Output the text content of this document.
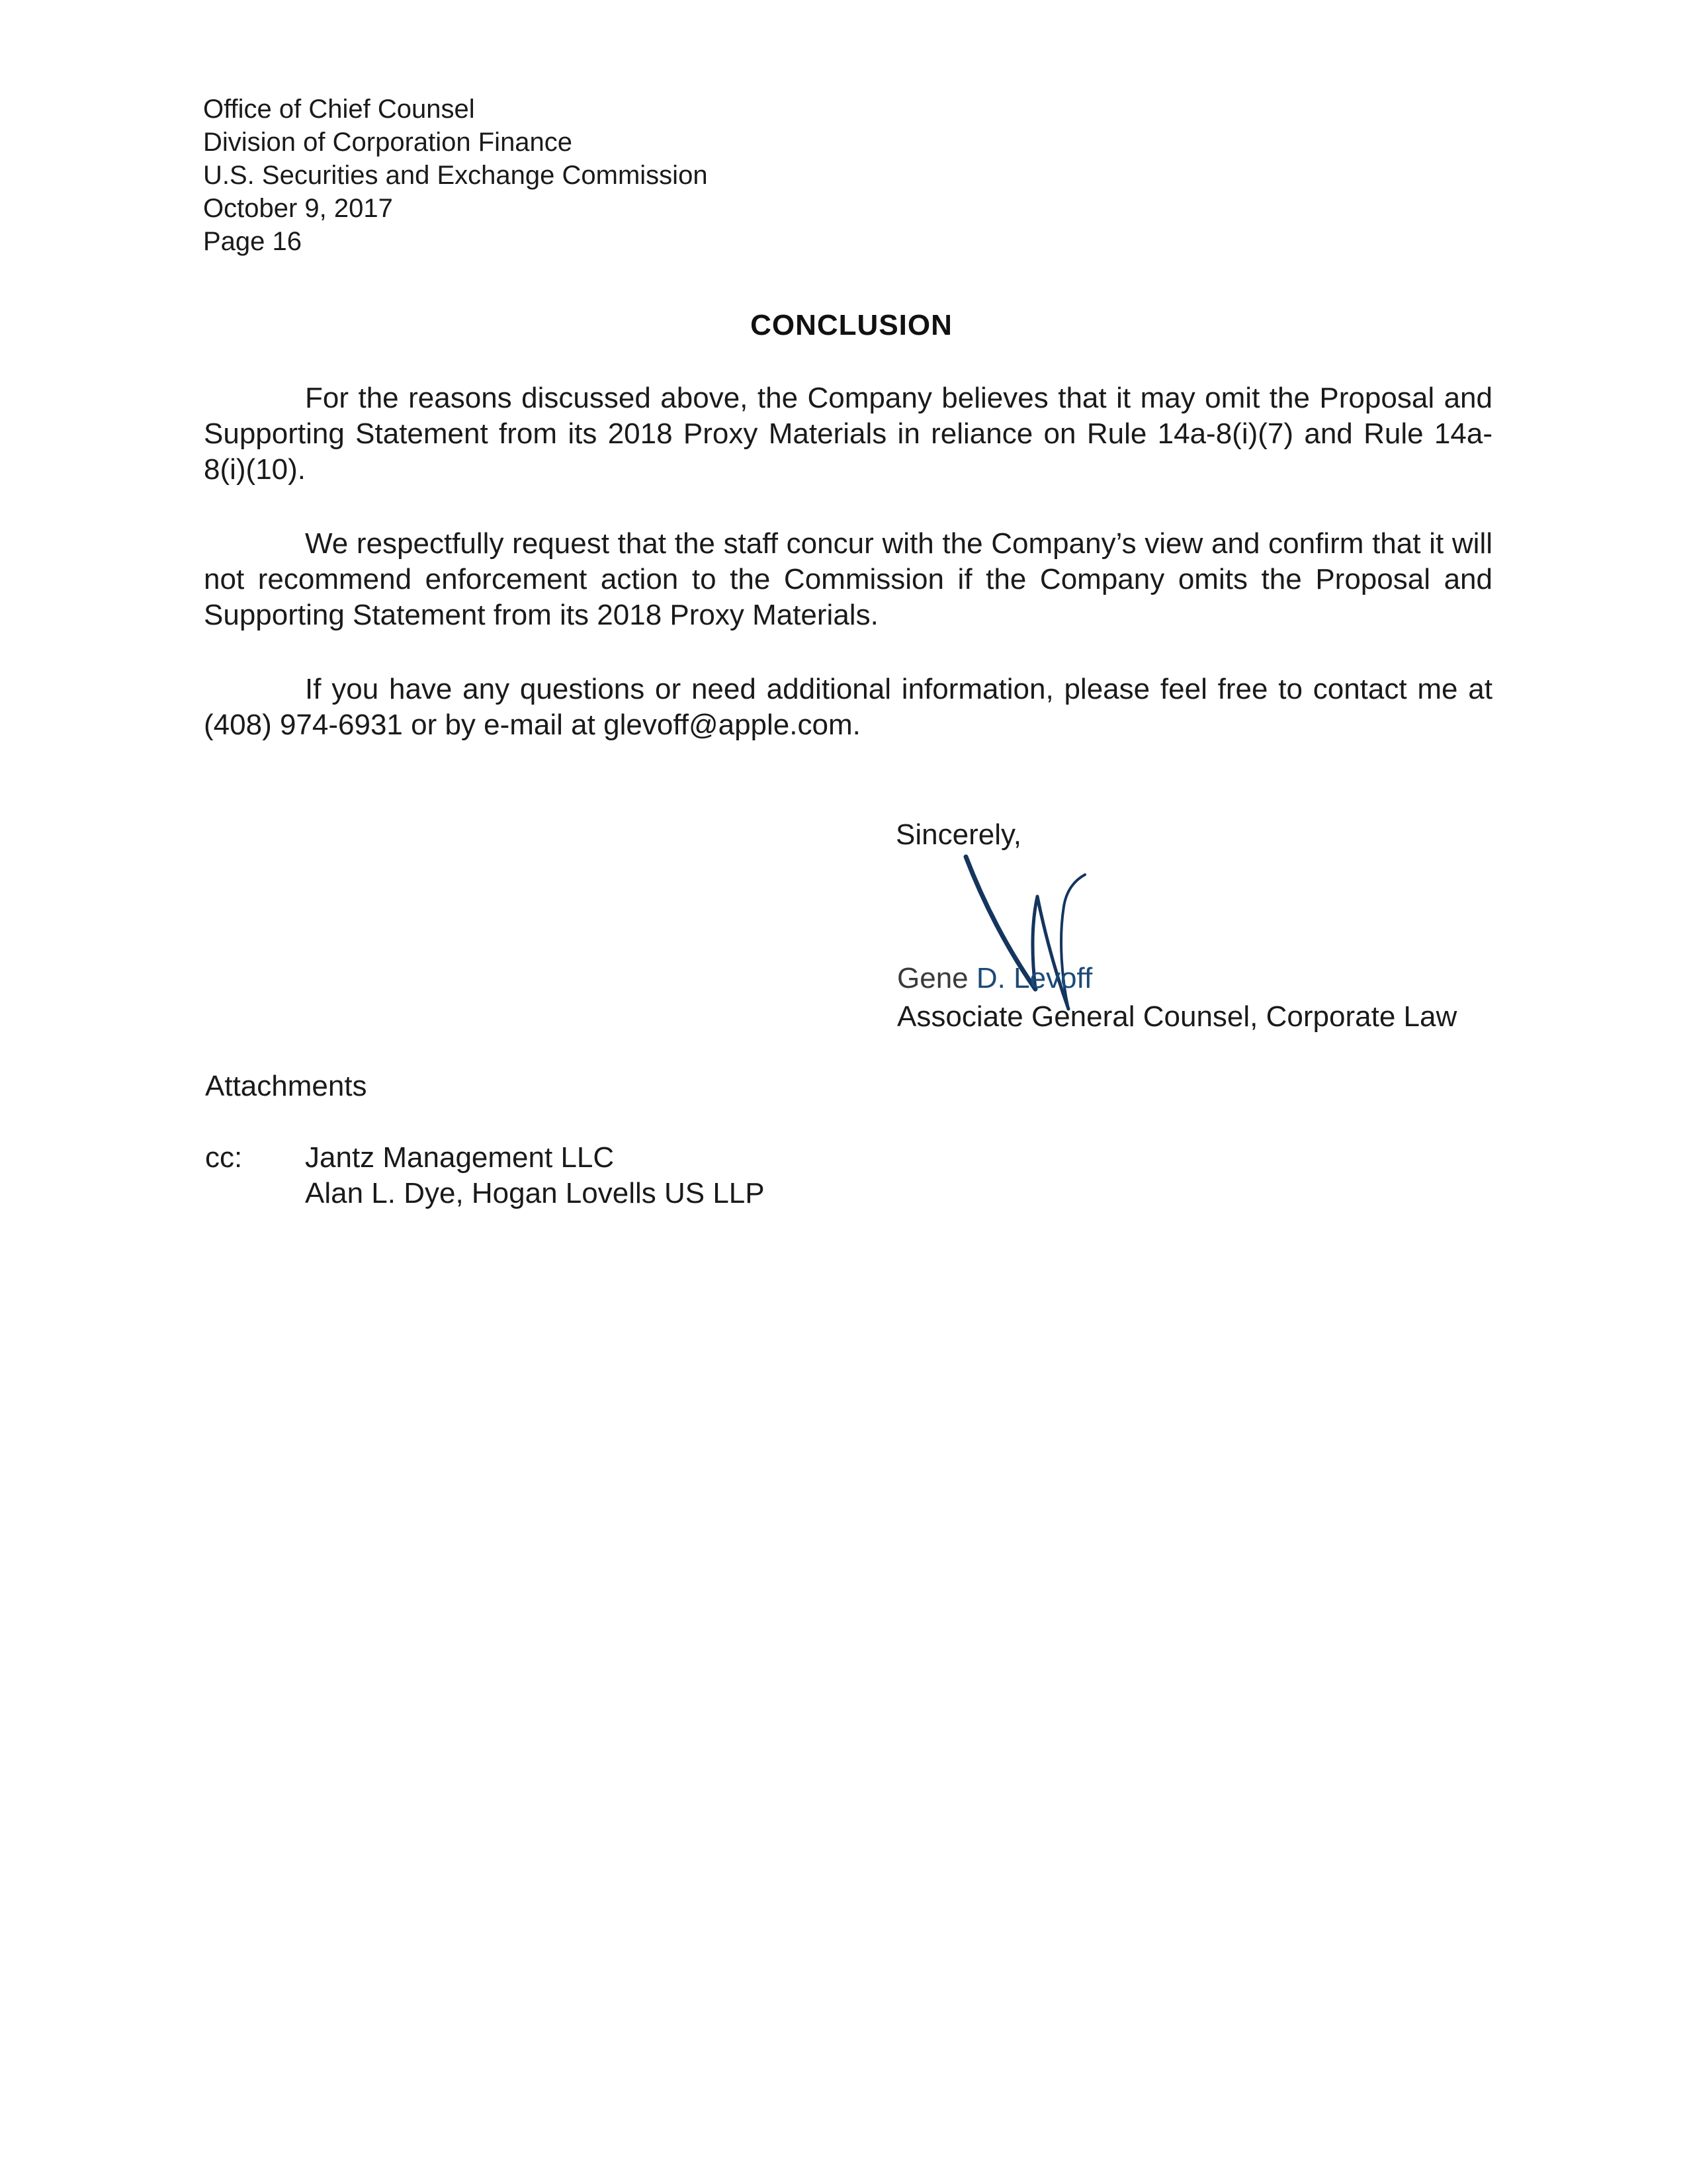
Office of Chief Counsel
Division of Corporation Finance
U.S. Securities and Exchange Commission
October 9, 2017
Page 16
CONCLUSION
For the reasons discussed above, the Company believes that it may omit the Proposal and Supporting Statement from its 2018 Proxy Materials in reliance on Rule 14a-8(i)(7) and Rule 14a-8(i)(10).
We respectfully request that the staff concur with the Company’s view and confirm that it will not recommend enforcement action to the Commission if the Company omits the Proposal and Supporting Statement from its 2018 Proxy Materials.
If you have any questions or need additional information, please feel free to contact me at (408) 974-6931 or by e-mail at glevoff@apple.com.
Sincerely,
Gene D. Levoff
Associate General Counsel, Corporate Law
Attachments
cc: Jantz Management LLC
Alan L. Dye, Hogan Lovells US LLP
